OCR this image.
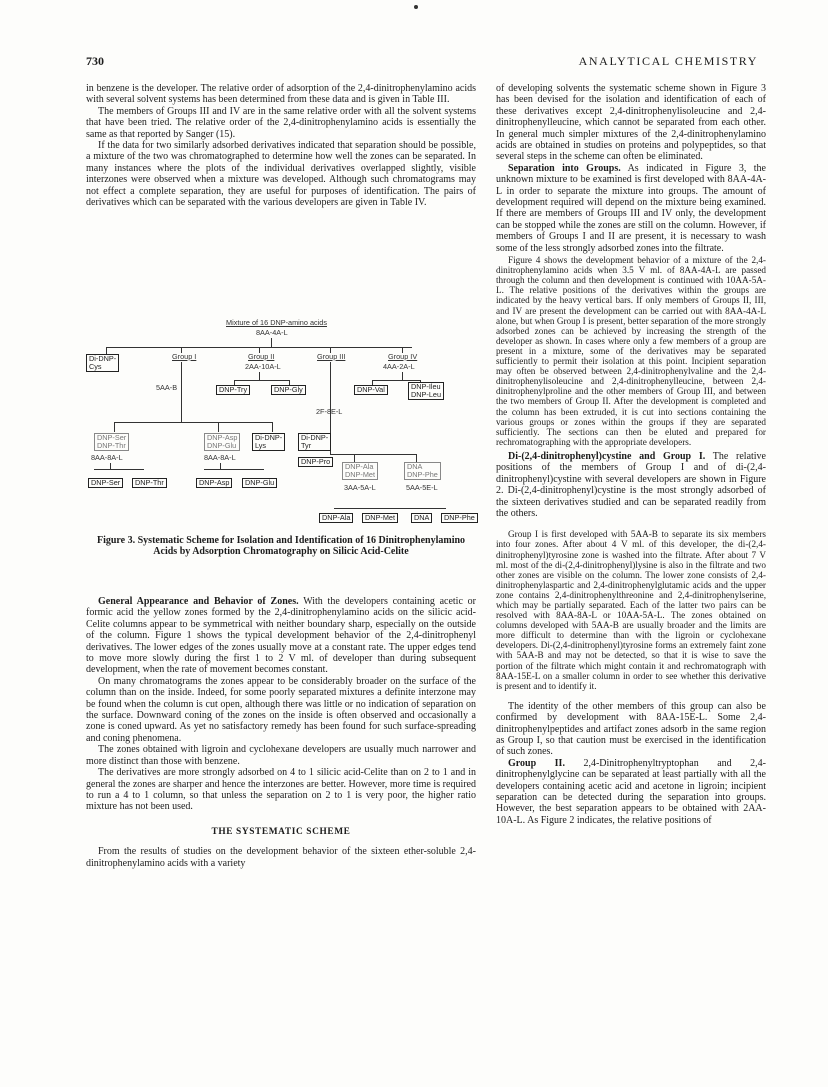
730	ANALYTICAL CHEMISTRY

in benzene is the developer. The relative order of adsorption of the 2,4-dinitrophenylamino acids with several solvent systems has been determined from these data and is given in Table III.

The members of Groups III and IV are in the same relative order with all the solvent systems that have been tried. The relative order of the 2,4-dinitrophenylamino acids is essentially the same as that reported by Sanger (15).

If the data for two similarly adsorbed derivatives indicated that separation should be possible, a mixture of the two was chromatographed to determine how well the zones can be separated. In many instances where the plots of the individual derivatives overlapped slightly, visible interzones were observed when a mixture was developed. Although such chromatograms may not effect a complete separation, they are useful for purposes of identification. The pairs of derivatives which can be separated with the various developers are given in Table IV.

Mixture of 16 DNP-amino acids
8AA-4A-L
Di-DNP-
Cys
Group I	Group II	Group III	Group IV
2AA-10A-L	4AA-2A-L
5AA-B	DNP-Try	DNP-Gly	DNP-Val	DNP-Ileu
DNP-Leu
2F-8E-L
DNP-Ser
DNP-Thr
DNP-Asp
DNP-Glu
Di-DNP-
Lys
Di-DNP-
Tyr
8AA-8A-L	8AA-8A-L	DNP-Pro
DNP-Ala
DNP-Met
DNA
DNP-Phe
3AA-5A-L	5AA-5E-L
DNP-Ser	DNP-Thr	DNP-Asp	DNP-Glu
DNP-Ala	DNP-Met	DNA	DNP-Phe
Figure 3. Systematic Scheme for Isolation and Identification of 16 Dinitrophenylamino Acids by Adsorption Chromatography on Silicic Acid-Celite

General Appearance and Behavior of Zones. With the developers containing acetic or formic acid the yellow zones formed by the 2,4-dinitrophenylamino acids on the silicic acid-Celite columns appear to be symmetrical with neither boundary sharp, especially on the outside of the column. Figure 1 shows the typical development behavior of the 2,4-dinitrophenyl derivatives. The lower edges of the zones usually move at a constant rate. The upper edges tend to move more slowly during the first 1 to 2 V ml. of developer than during subsequent development, when the rate of movement becomes constant.

On many chromatograms the zones appear to be considerably broader on the surface of the column than on the inside. Indeed, for some poorly separated mixtures a definite interzone may be found when the column is cut open, although there was little or no indication of separation on the surface. Downward coning of the zones on the inside is often observed and occasionally a zone is coned upward. As yet no satisfactory remedy has been found for such surface-spreading and coning phenomena.

The zones obtained with ligroin and cyclohexane developers are usually much narrower and more distinct than those with benzene.

The derivatives are more strongly adsorbed on 4 to 1 silicic acid-Celite than on 2 to 1 and in general the zones are sharper and hence the interzones are better. However, more time is required to run a 4 to 1 column, so that unless the separation on 2 to 1 is very poor, the higher ratio mixture has not been used.

THE SYSTEMATIC SCHEME

From the results of studies on the development behavior of the sixteen ether-soluble 2,4-dinitrophenylamino acids with a variety

of developing solvents the systematic scheme shown in Figure 3 has been devised for the isolation and identification of each of these derivatives except 2,4-dinitrophenylisoleucine and 2,4-dinitrophenylleucine, which cannot be separated from each other. In general much simpler mixtures of the 2,4-dinitrophenylamino acids are obtained in studies on proteins and polypeptides, so that several steps in the scheme can often be eliminated.

Separation into Groups. As indicated in Figure 3, the unknown mixture to be examined is first developed with 8AA-4A-L in order to separate the mixture into groups. The amount of development required will depend on the mixture being examined. If there are members of Groups III and IV only, the development can be stopped while the zones are still on the column. However, if members of Groups I and II are present, it is necessary to wash some of the less strongly adsorbed zones into the filtrate.

Figure 4 shows the development behavior of a mixture of the 2,4-dinitrophenylamino acids when 3.5 V ml. of 8AA-4A-L are passed through the column and then development is continued with 10AA-5A-L. The relative positions of the derivatives within the groups are indicated by the heavy vertical bars. If only members of Groups II, III, and IV are present the development can be carried out with 8AA-4A-L alone, but when Group I is present, better separation of the more strongly adsorbed zones can be achieved by increasing the strength of the developer as shown. In cases where only a few members of a group are present in a mixture, some of the derivatives may be separated sufficiently to permit their isolation at this point. Incipient separation may often be observed between 2,4-dinitrophenylvaline and the 2,4-dinitrophenylisoleucine and 2,4-dinitrophenylleucine, between 2,4-dinitrophenylproline and the other members of Group III, and between the two members of Group II. After the development is completed and the column has been extruded, it is cut into sections containing the various groups or zones within the groups if they are separated sufficiently. The sections can then be eluted and prepared for rechromatographing with the appropriate developers.

Di-(2,4-dinitrophenyl)cystine and Group I. The relative positions of the members of Group I and of di-(2,4-dinitrophenyl)cystine with several developers are shown in Figure 2. Di-(2,4-dinitrophenyl)cystine is the most strongly adsorbed of the sixteen derivatives studied and can be separated readily from the others.

Group I is first developed with 5AA-B to separate its six members into four zones. After about 4 V ml. of this developer, the di-(2,4-dinitrophenyl)tyrosine zone is washed into the filtrate. After about 7 V ml. most of the di-(2,4-dinitrophenyl)lysine is also in the filtrate and two other zones are visible on the column. The lower zone consists of 2,4-dinitrophenylaspartic and 2,4-dinitrophenylglutamic acids and the upper zone contains 2,4-dinitrophenylthreonine and 2,4-dinitrophenylserine, which may be partially separated. Each of the latter two pairs can be resolved with 8AA-8A-L or 10AA-5A-L. The zones obtained on columns developed with 5AA-B are usually broader and the limits are more difficult to determine than with the ligroin or cyclohexane developers. Di-(2,4-dinitrophenyl)tyrosine forms an extremely faint zone with 5AA-B and may not be detected, so that it is wise to save the portion of the filtrate which might contain it and rechromatograph with 8AA-15E-L on a smaller column in order to see whether this derivative is present and to identify it.

The identity of the other members of this group can also be confirmed by development with 8AA-15E-L. Some 2,4-dinitrophenylpeptides and artifact zones adsorb in the same region as Group I, so that caution must be exercised in the identification of such zones.

Group II. 2,4-Dinitrophenyltryptophan and 2,4-dinitrophenylglycine can be separated at least partially with all the developers containing acetic acid and acetone in ligroin; incipient separation can be detected during the separation into groups. However, the best separation appears to be obtained with 2AA-10A-L. As Figure 2 indicates, the relative positions of
